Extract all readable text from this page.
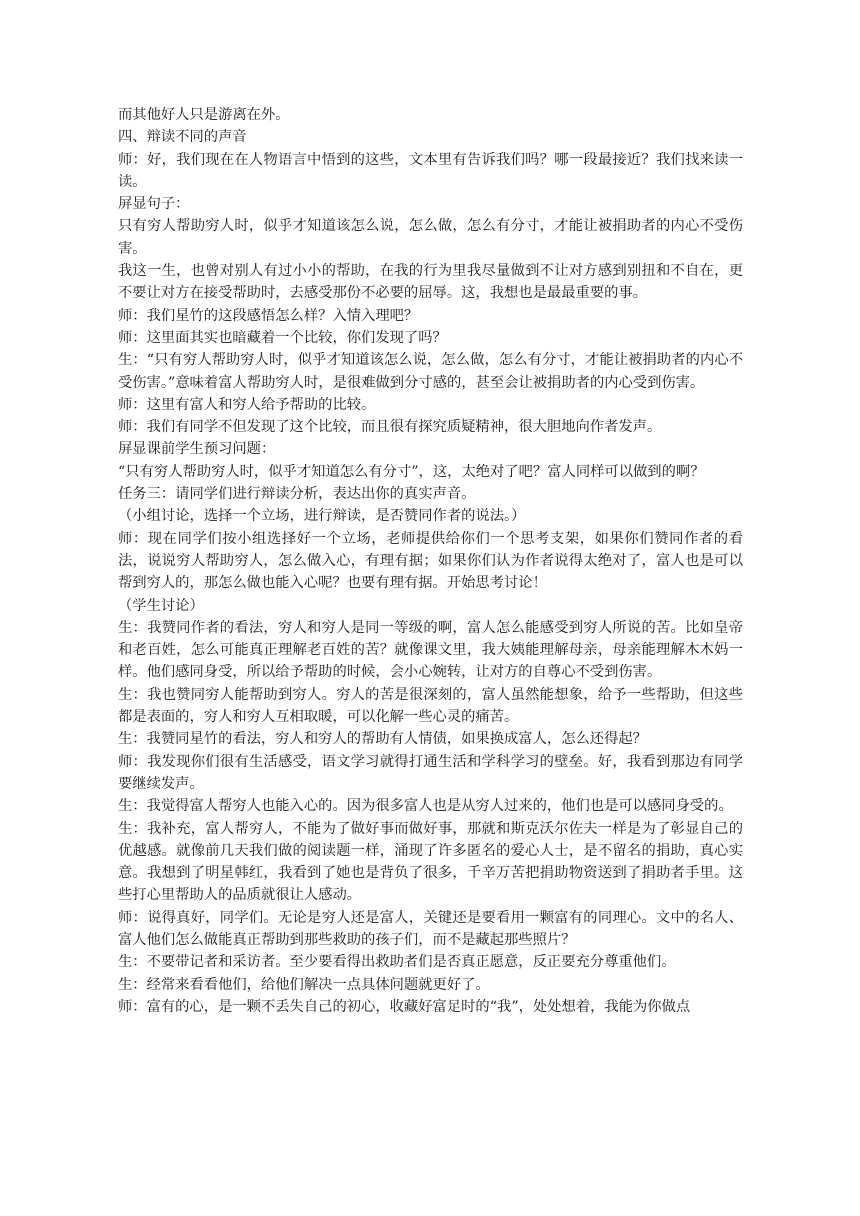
而其他好人只是游离在外。

四、辩读不同的声音

师：好，我们现在在人物语言中悟到的这些，文本里有告诉我们吗？哪一段最接近？我们找来读一读。

屏显句子：

只有穷人帮助穷人时，似乎才知道该怎么说，怎么做，怎么有分寸，才能让被捐助者的内心不受伤害。

我这一生，也曾对别人有过小小的帮助，在我的行为里我尽量做到不让对方感到别扭和不自在，更不要让对方在接受帮助时，去感受那份不必要的屈辱。这，我想也是最最重要的事。

师：我们星竹的这段感悟怎么样？入情入理吧？

师：这里面其实也暗藏着一个比较，你们发现了吗？

生：“只有穷人帮助穷人时，似乎才知道该怎么说，怎么做，怎么有分寸，才能让被捐助者的内心不受伤害。”意味着富人帮助穷人时，是很难做到分寸感的，甚至会让被捐助者的内心受到伤害。

师：这里有富人和穷人给予帮助的比较。

师：我们有同学不但发现了这个比较，而且很有探究质疑精神，很大胆地向作者发声。

屏显课前学生预习问题：

“只有穷人帮助穷人时，似乎才知道怎么有分寸”，这，太绝对了吧？富人同样可以做到的啊？

任务三：请同学们进行辩读分析，表达出你的真实声音。

（小组讨论，选择一个立场，进行辩读，是否赞同作者的说法。）

师：现在同学们按小组选择好一个立场，老师提供给你们一个思考支架，如果你们赞同作者的看法，说说穷人帮助穷人，怎么做入心，有理有据；如果你们认为作者说得太绝对了，富人也是可以帮到穷人的，那怎么做也能入心呢？也要有理有据。开始思考讨论！

（学生讨论）

生：我赞同作者的看法，穷人和穷人是同一等级的啊，富人怎么能感受到穷人所说的苦。比如皇帝和老百姓，怎么可能真正理解老百姓的苦？就像课文里，我大姨能理解母亲，母亲能理解木木妈一样。他们感同身受，所以给予帮助的时候，会小心婉转，让对方的自尊心不受到伤害。

生：我也赞同穷人能帮助到穷人。穷人的苦是很深刻的，富人虽然能想象，给予一些帮助，但这些都是表面的，穷人和穷人互相取暖，可以化解一些心灵的痛苦。

生：我赞同星竹的看法，穷人和穷人的帮助有人情债，如果换成富人，怎么还得起？

师：我发现你们很有生活感受，语文学习就得打通生活和学科学习的壁垒。好，我看到那边有同学要继续发声。

生：我觉得富人帮穷人也能入心的。因为很多富人也是从穷人过来的，他们也是可以感同身受的。

生：我补充，富人帮穷人，不能为了做好事而做好事，那就和斯克沃尔佐夫一样是为了彰显自己的优越感。就像前几天我们做的阅读题一样，涌现了许多匿名的爱心人士，是不留名的捐助，真心实意。我想到了明星韩红，我看到了她也是背负了很多，千辛万苦把捐助物资送到了捐助者手里。这些打心里帮助人的品质就很让人感动。

师：说得真好，同学们。无论是穷人还是富人，关键还是要看用一颗富有的同理心。文中的名人、富人他们怎么做能真正帮助到那些救助的孩子们，而不是藏起那些照片？

生：不要带记者和采访者。至少要看得出救助者们是否真正愿意，反正要充分尊重他们。

生：经常来看看他们，给他们解决一点具体问题就更好了。

师：富有的心，是一颗不丢失自己的初心，收藏好富足时的“我”，处处想着，我能为你做点
